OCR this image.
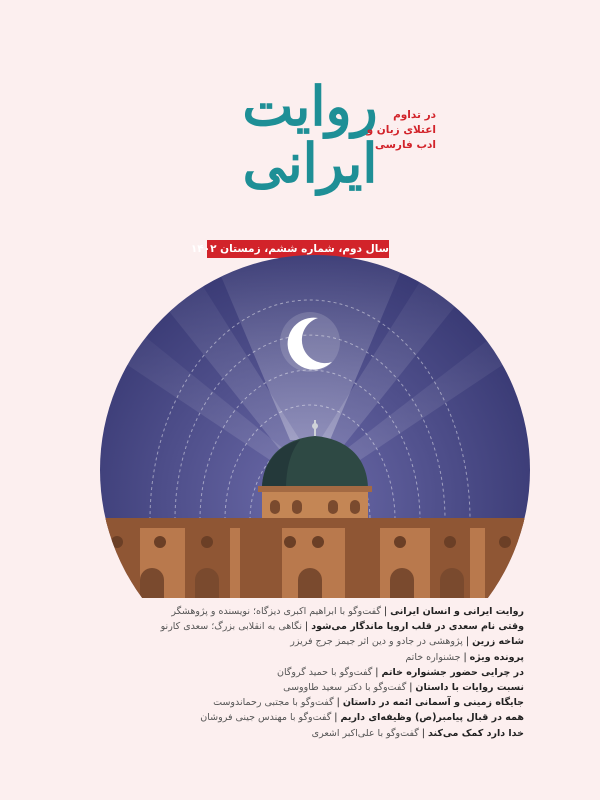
روایت ایرانی
در تداوم
اعتلای زبان و
ادب فارسی
سال دوم، شماره ششم، زمستان ۱۴۰۲
روایت ایرانی و انسان ایرانی|گفت‌وگو با ابراهیم اکبری دیزگاه؛ نویسنده و پژوهشگر
وقتی نام سعدی در قلب اروپا ماندگار می‌شود|نگاهی به انقلابی بزرگ؛ سعدی کارنو
شاخه زرین|پژوهشی در جادو و دین اثر جیمز جرج فریزر
پرونده ویژه|جشنواره خاتم
در چرایی حضور جشنواره خاتم|گفت‌وگو با حمید گروگان
نسبت روایات با داستان|گفت‌وگو با دکتر سعید طاووسی
جایگاه زمینی و آسمانی ائمه در داستان|گفت‌وگو با مجتبی رحماندوست
همه در قبال پیامبر(ص) وظیفه‌ای داریم|گفت‌وگو با مهندس جینی فروشان
خدا دارد کمک می‌کند|گفت‌وگو با علی‌اکبر اشعری
